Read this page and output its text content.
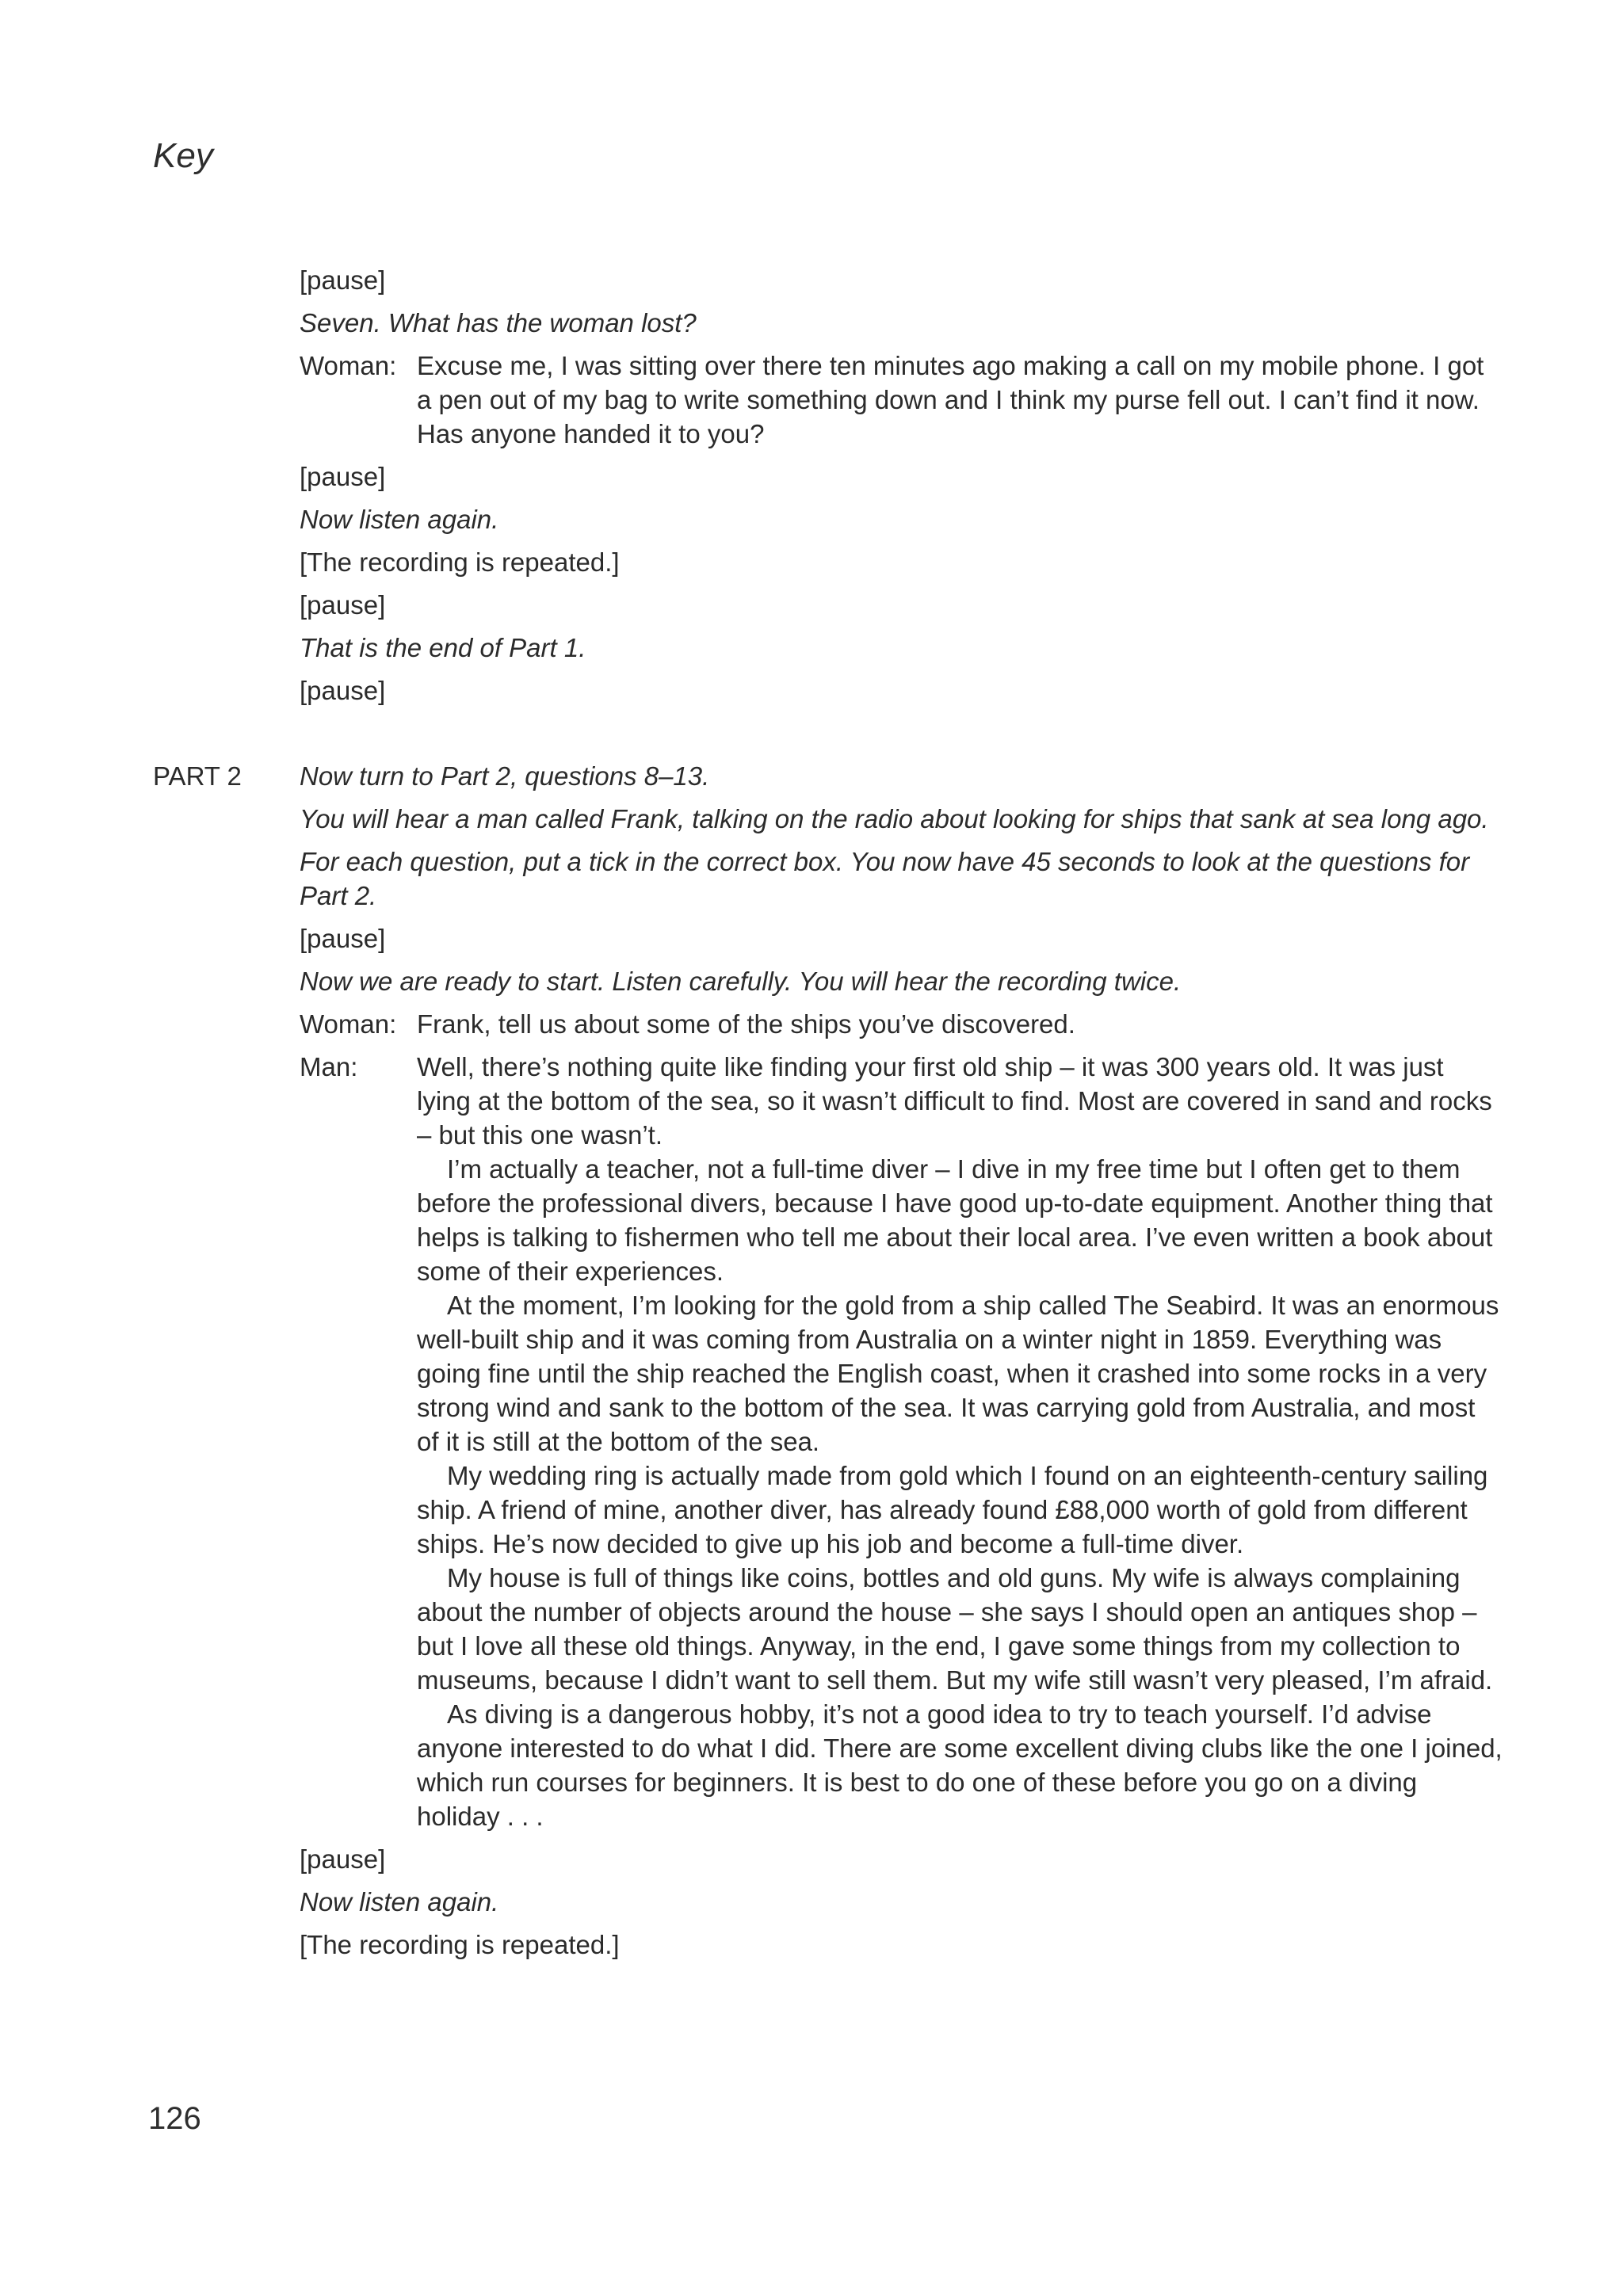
Key
[pause]
Seven. What has the woman lost?
Woman: Excuse me, I was sitting over there ten minutes ago making a call on my mobile phone. I got a pen out of my bag to write something down and I think my purse fell out. I can’t find it now. Has anyone handed it to you?

[pause]
Now listen again.
[The recording is repeated.]
[pause]
That is the end of Part 1.
[pause]
PART 2 Now turn to Part 2, questions 8–13.
You will hear a man called Frank, talking on the radio about looking for ships that sank at sea long ago.
For each question, put a tick in the correct box. You now have 45 seconds to look at the questions for Part 2.
[pause]
Now we are ready to start. Listen carefully. You will hear the recording twice.
Woman: Frank, tell us about some of the ships you’ve discovered.

Man:	Well, there’s nothing quite like finding your first old ship – it was 300 years old. It was just lying at the bottom of the sea, so it wasn’t difficult to find. Most are covered in sand and rocks – but this one wasn’t.

I’m actually a teacher, not a full-time diver – I dive in my free time but I often get to them before the professional divers, because I have good up-to-date equipment. Another thing that helps is talking to fishermen who tell me about their local area. I’ve even written a book about some of their experiences.

At the moment, I’m looking for the gold from a ship called The Seabird. It was an enormous well-built ship and it was coming from Australia on a winter night in 1859. Everything was going fine until the ship reached the English coast, when it crashed into some rocks in a very strong wind and sank to the bottom of the sea. It was carrying gold from Australia, and most of it is still at the bottom of the sea.

My wedding ring is actually made from gold which I found on an eighteenth-century sailing ship. A friend of mine, another diver, has already found £88,000 worth of gold from different ships. He’s now decided to give up his job and become a full-time diver.

My house is full of things like coins, bottles and old guns. My wife is always complaining about the number of objects around the house – she says I should open an antiques shop – but I love all these old things. Anyway, in the end, I gave some things from my collection to museums, because I didn’t want to sell them. But my wife still wasn’t very pleased, I’m afraid.

As diving is a dangerous hobby, it’s not a good idea to try to teach yourself. I’d advise anyone interested to do what I did. There are some excellent diving clubs like the one I joined, which run courses for beginners. It is best to do one of these before you go on a diving holiday . . .

[pause]
Now listen again.
[The recording is repeated.]
126
